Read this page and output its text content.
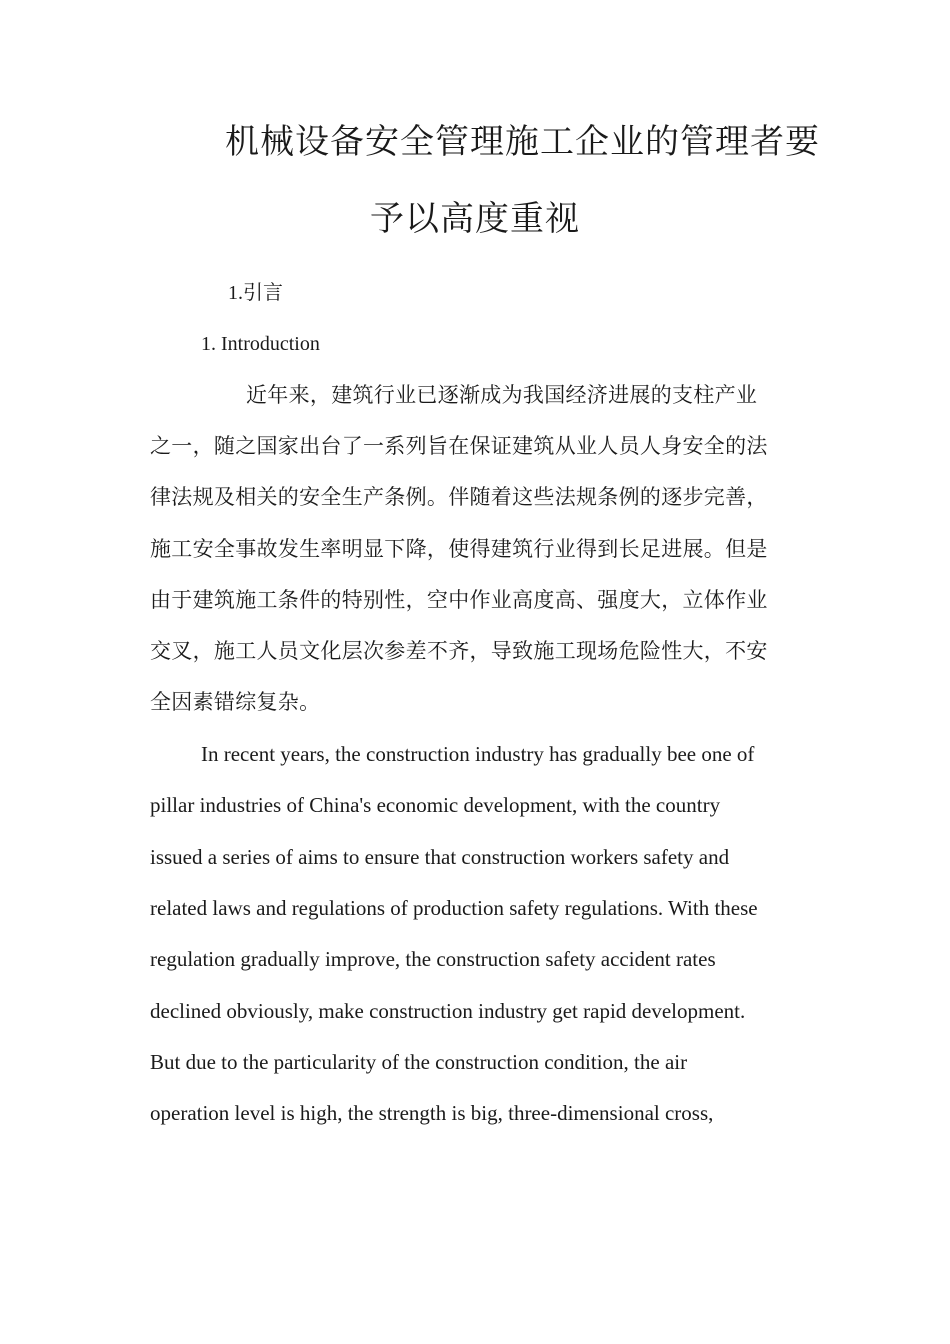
机械设备安全管理施工企业的管理者要
予以高度重视
1.引言
1. Introduction
近年来，建筑行业已逐渐成为我国经济进展的支柱产业
之一，随之国家出台了一系列旨在保证建筑从业人员人身安全的法
律法规及相关的安全生产条例。伴随着这些法规条例的逐步完善，
施工安全事故发生率明显下降，使得建筑行业得到长足进展。但是
由于建筑施工条件的特别性，空中作业高度高、强度大，立体作业
交叉，施工人员文化层次参差不齐，导致施工现场危险性大，不安
全因素错综复杂。
In recent years, the construction industry has gradually bee one of
pillar industries of China's economic development, with the country
issued a series of aims to ensure that construction workers safety and
related laws and regulations of production safety regulations. With these
regulation gradually improve, the construction safety accident rates
declined obviously, make construction industry get rapid development.
But due to the particularity of the construction condition, the air
operation level is high, the strength is big, three-dimensional cross,
